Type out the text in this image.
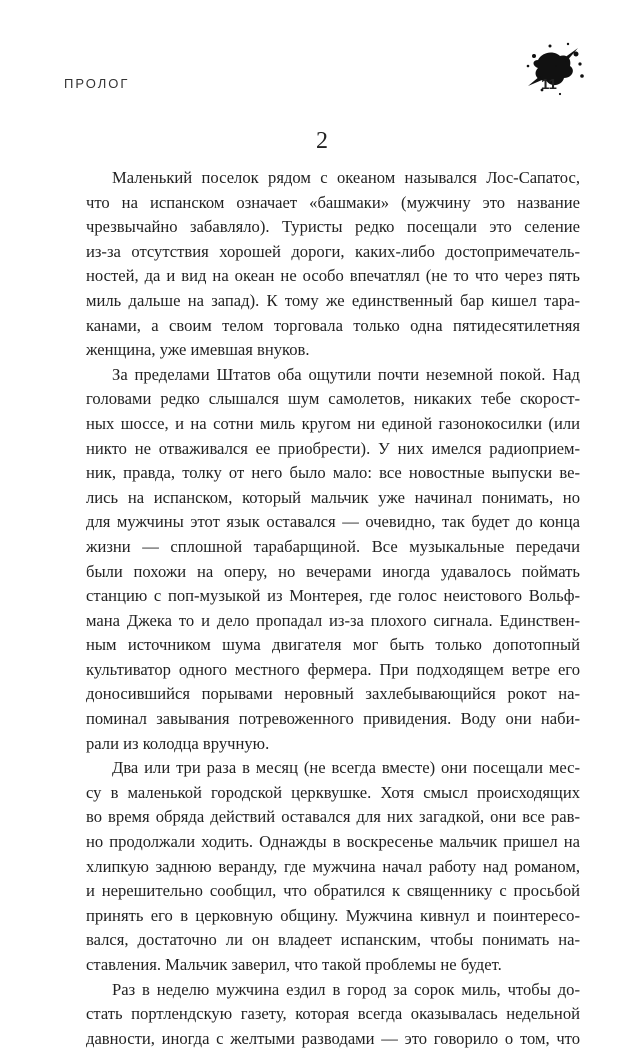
ПРОЛОГ	11
2
Маленький поселок рядом с океаном назывался Лос-Сапатос,
что на испанском означает «башмаки» (мужчину это название
чрезвычайно забавляло). Туристы редко посещали это селение
из-за отсутствия хорошей дороги, каких-либо достопримечатель-
ностей, да и вид на океан не особо впечатлял (не то что через пять
миль дальше на запад). К тому же единственный бар кишел тара-
канами, а своим телом торговала только одна пятидесятилетняя
женщина, уже имевшая внуков.
За пределами Штатов оба ощутили почти неземной покой. Над
головами редко слышался шум самолетов, никаких тебе скорост-
ных шоссе, и на сотни миль кругом ни единой газонокосилки (или
никто не отваживался ее приобрести). У них имелся радиоприем-
ник, правда, толку от него было мало: все новостные выпуски ве-
лись на испанском, который мальчик уже начинал понимать, но
для мужчины этот язык оставался — очевидно, так будет до конца
жизни — сплошной тарабарщиной. Все музыкальные передачи
были похожи на оперу, но вечерами иногда удавалось поймать
станцию с поп-музыкой из Монтерея, где голос неистового Вольф-
мана Джека то и дело пропадал из-за плохого сигнала. Единствен-
ным источником шума двигателя мог быть только допотопный
культиватор одного местного фермера. При подходящем ветре его
доносившийся порывами неровный захлебывающийся рокот на-
поминал завывания потревоженного привидения. Воду они наби-
рали из колодца вручную.
Два или три раза в месяц (не всегда вместе) они посещали мес-
су в маленькой городской церквушке. Хотя смысл происходящих
во время обряда действий оставался для них загадкой, они все рав-
но продолжали ходить. Однажды в воскресенье мальчик пришел на
хлипкую заднюю веранду, где мужчина начал работу над романом,
и нерешительно сообщил, что обратился к священнику с просьбой
принять его в церковную общину. Мужчина кивнул и поинтересо-
вался, достаточно ли он владеет испанским, чтобы понимать на-
ставления. Мальчик заверил, что такой проблемы не будет.
Раз в неделю мужчина ездил в город за сорок миль, чтобы до-
стать портлендскую газету, которая всегда оказывалась недельной
давности, иногда с желтыми разводами — это говорило о том, что
